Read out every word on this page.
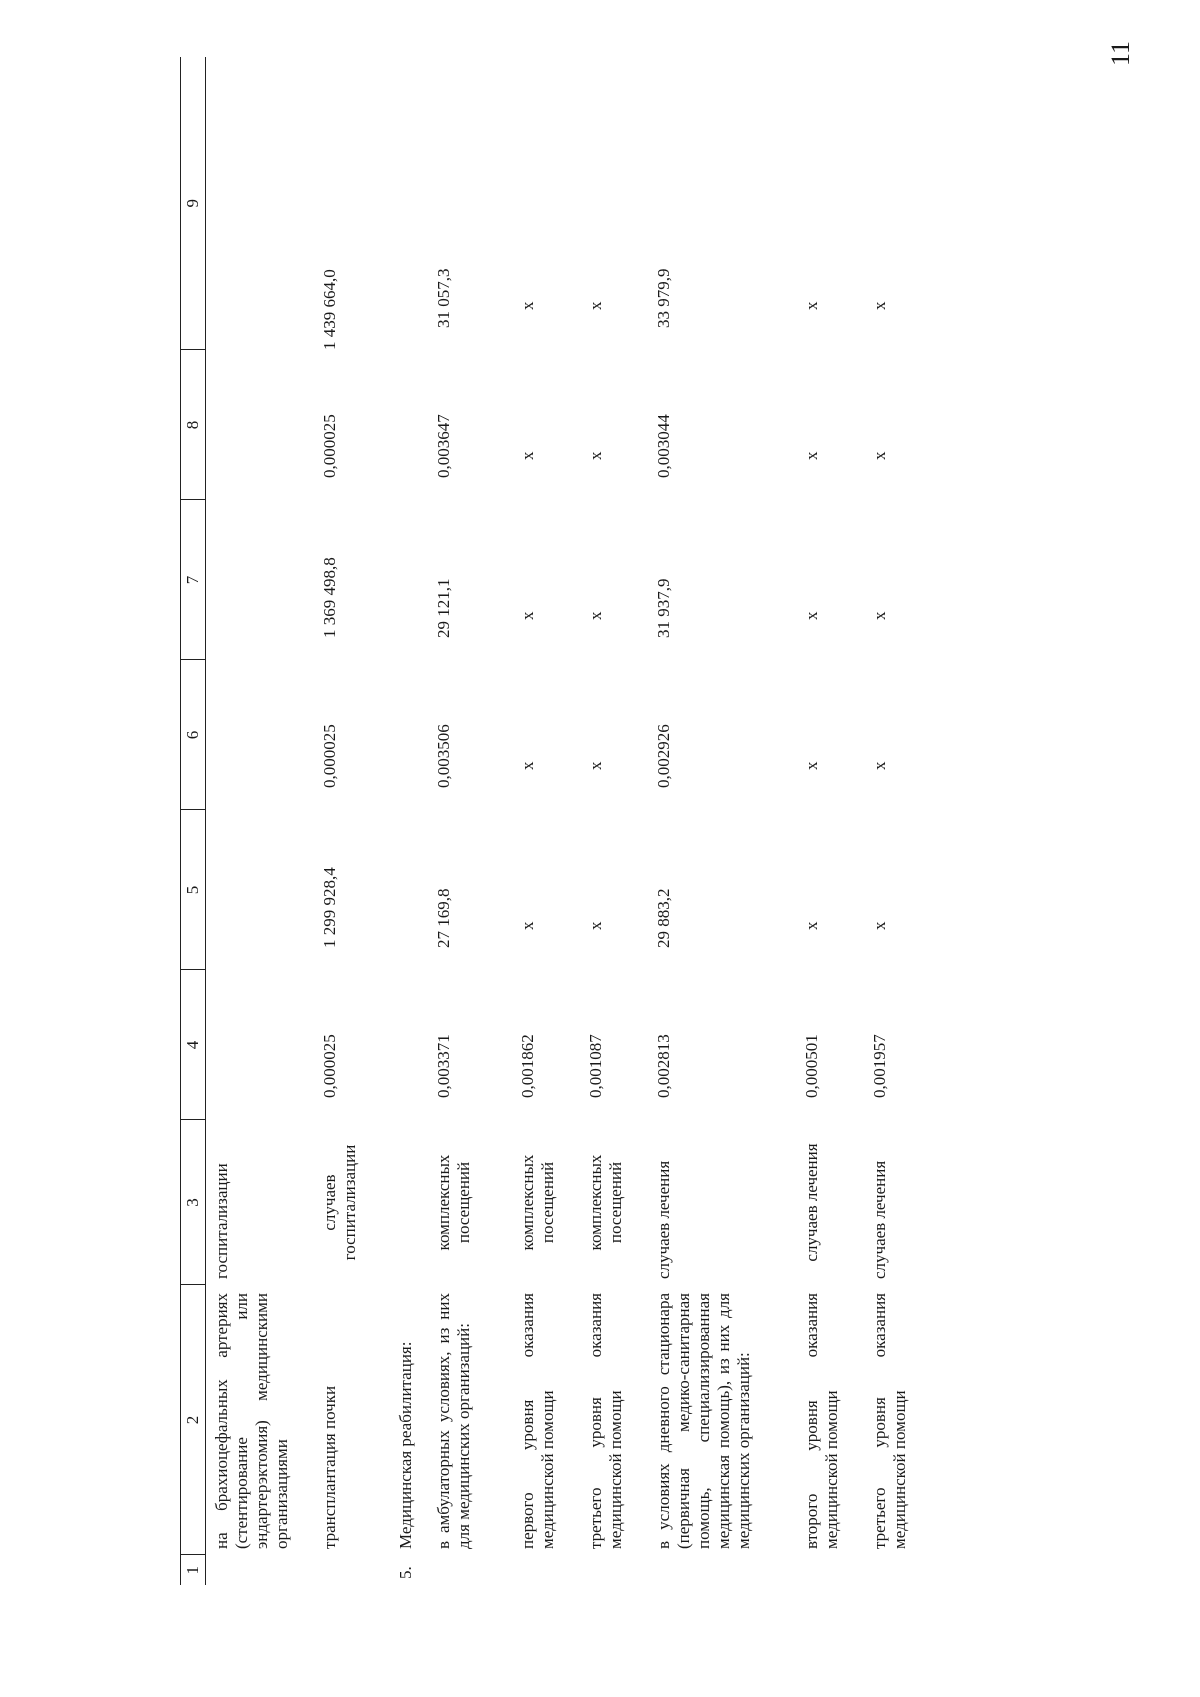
11
1	2	3	4	5	6	7	8	9
	на брахиоцефальных артериях (стентирование или эндартерэктомия) медицинскими организациями	госпитализации						
	трансплантация почки	случаев госпитализации	0,000025	1 299 928,4	0,000025	1 369 498,8	0,000025	1 439 664,0
5.	Медицинская реабилитация:							
	в амбулаторных условиях, из них для медицинских организаций:	комплексных посещений	0,003371	27 169,8	0,003506	29 121,1	0,003647	31 057,3
	первого уровня оказания медицинской помощи	комплексных посещений	0,001862	х	х	х	х	х
	третьего уровня оказания медицинской помощи	комплексных посещений	0,001087	х	х	х	х	х
	в условиях дневного стационара (первичная медико-санитарная помощь, специализированная медицинская помощь), из них для медицинских организаций:	случаев лечения	0,002813	29 883,2	0,002926	31 937,9	0,003044	33 979,9
	второго уровня оказания медицинской помощи	случаев лечения	0,000501	х	х	х	х	х
	третьего уровня оказания медицинской помощи	случаев лечения	0,001957	х	х	х	х	х
